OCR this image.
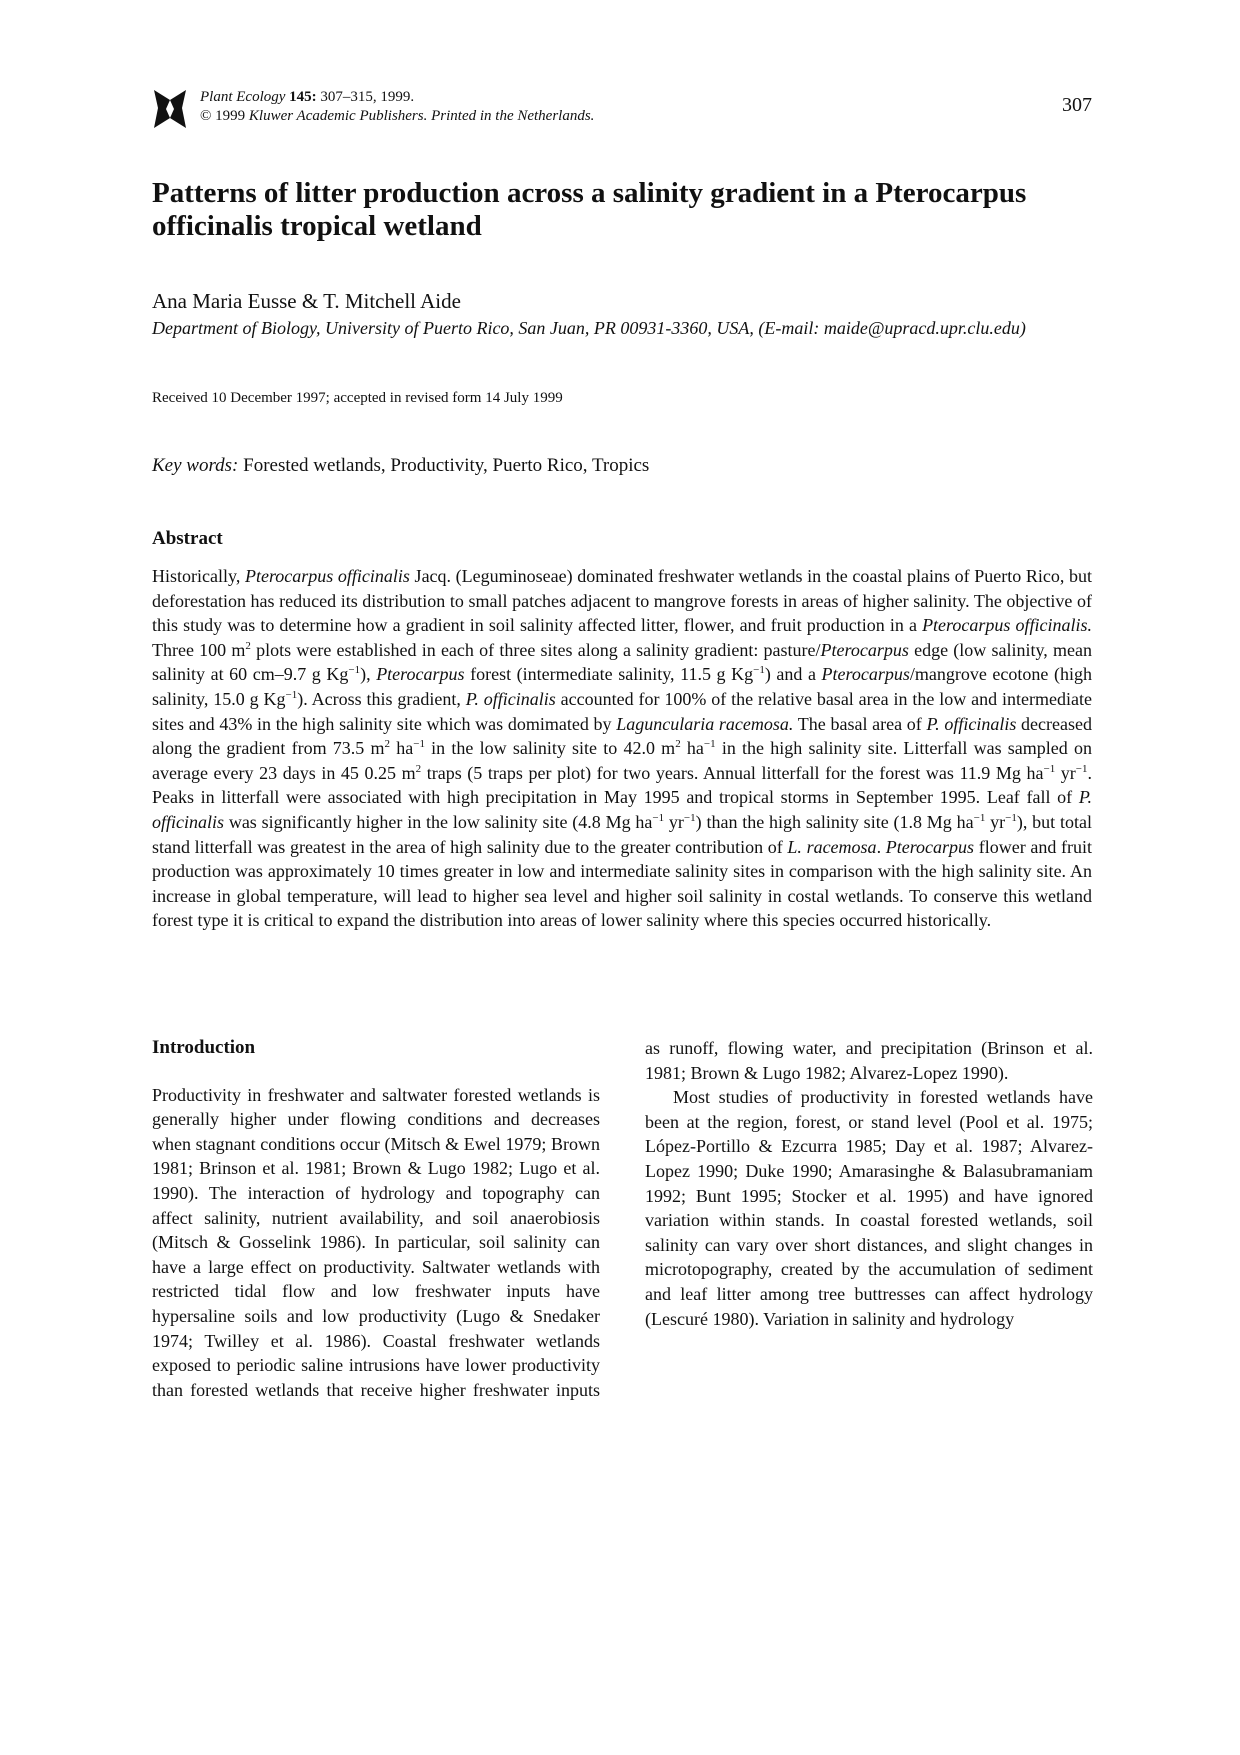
Plant Ecology 145: 307–315, 1999.
© 1999 Kluwer Academic Publishers. Printed in the Netherlands.	307
Patterns of litter production across a salinity gradient in a Pterocarpus officinalis tropical wetland

Ana Maria Eusse & T. Mitchell Aide

Department of Biology, University of Puerto Rico, San Juan, PR 00931-3360, USA, (E-mail: maide@upracd.upr.clu.edu)

Received 10 December 1997; accepted in revised form 14 July 1999

Key words: Forested wetlands, Productivity, Puerto Rico, Tropics

Abstract

Historically, Pterocarpus officinalis Jacq. (Leguminoseae) dominated freshwater wetlands in the coastal plains of Puerto Rico, but deforestation has reduced its distribution to small patches adjacent to mangrove forests in areas of higher salinity. The objective of this study was to determine how a gradient in soil salinity affected litter, flower, and fruit production in a Pterocarpus officinalis. Three 100 $m^2$ plots were established in each of three sites along a salinity gradient: pasture/Pterocarpus edge (low salinity, mean salinity at 60 cm–9.7 g $Kg^{-1}$), Pterocarpus forest (intermediate salinity, 11.5 g $Kg^{-1}$) and a Pterocarpus/mangrove ecotone (high salinity, 15.0 g $Kg^{-1}$). Across this gradient, P. officinalis accounted for 100% of the relative basal area in the low and intermediate sites and 43% in the high salinity site which was domimated by Laguncularia racemosa. The basal area of P. officinalis decreased along the gradient from 73.5 $m^2$ $ha^{-1}$ in the low salinity site to 42.0 $m^2$ $ha^{-1}$ in the high salinity site. Litterfall was sampled on average every 23 days in 45 0.25 $m^2$ traps (5 traps per plot) for two years. Annual litterfall for the forest was 11.9 Mg $ha^{-1}$ $yr^{-1}$. Peaks in litterfall were associated with high precipitation in May 1995 and tropical storms in September 1995. Leaf fall of P. officinalis was significantly higher in the low salinity site (4.8 Mg $ha^{-1}$ $yr^{-1}$) than the high salinity site (1.8 Mg $ha^{-1}$ $yr^{-1}$), but total stand litterfall was greatest in the area of high salinity due to the greater contribution of L. racemosa. Pterocarpus flower and fruit production was approximately 10 times greater in low and intermediate salinity sites in comparison with the high salinity site. An increase in global temperature, will lead to higher sea level and higher soil salinity in costal wetlands. To conserve this wetland forest type it is critical to expand the distribution into areas of lower salinity where this species occurred historically.

Introduction

Productivity in freshwater and saltwater forested wetlands is generally higher under flowing conditions and decreases when stagnant conditions occur (Mitsch & Ewel 1979; Brown 1981; Brinson et al. 1981; Brown & Lugo 1982; Lugo et al. 1990). The interaction of hydrology and topography can affect salinity, nutrient availability, and soil anaerobiosis (Mitsch & Gosselink 1986). In particular, soil salinity can have a large effect on productivity. Saltwater wetlands with restricted tidal flow and low freshwater inputs have hypersaline soils and low productivity (Lugo & Snedaker 1974; Twilley et al. 1986). Coastal freshwater wetlands exposed to periodic saline intrusions have lower productivity than forested wetlands that receive higher freshwater inputs

as runoff, flowing water, and precipitation (Brinson et al. 1981; Brown & Lugo 1982; Alvarez-Lopez 1990).

Most studies of productivity in forested wetlands have been at the region, forest, or stand level (Pool et al. 1975; López-Portillo & Ezcurra 1985; Day et al. 1987; Alvarez-Lopez 1990; Duke 1990; Amarasinghe & Balasubramaniam 1992; Bunt 1995; Stocker et al. 1995) and have ignored variation within stands. In coastal forested wetlands, soil salinity can vary over short distances, and slight changes in microtopography, created by the accumulation of sediment and leaf litter among tree buttresses can affect hydrology (Lescuré 1980). Variation in salinity and hydrology
